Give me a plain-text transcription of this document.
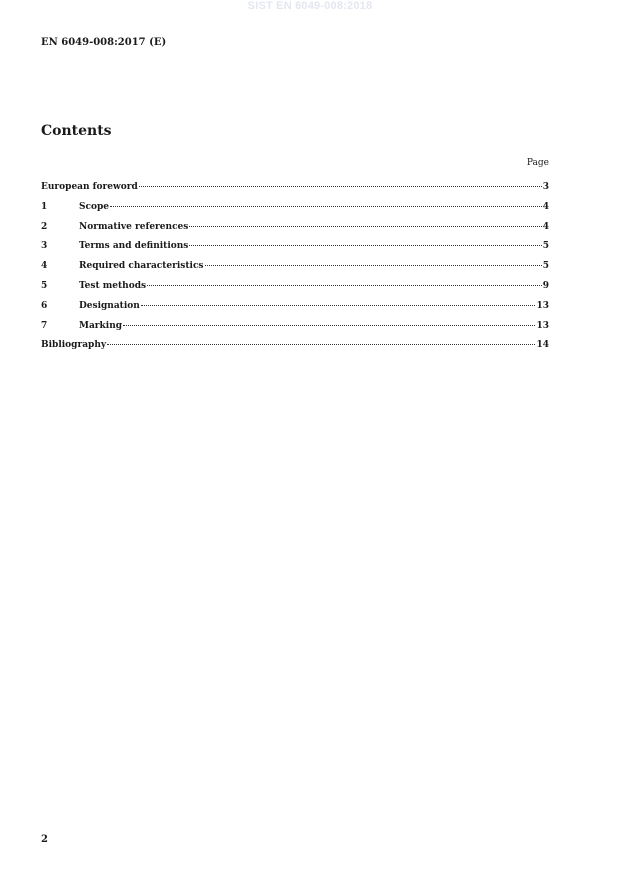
SIST EN 6049-008:2018
EN 6049-008:2017 (E)
Contents
Page
European foreword	3
1	Scope	4
2	Normative references	4
3	Terms and definitions	5
4	Required characteristics	5
5	Test methods	9
6	Designation	13
7	Marking	13
Bibliography	14
2
